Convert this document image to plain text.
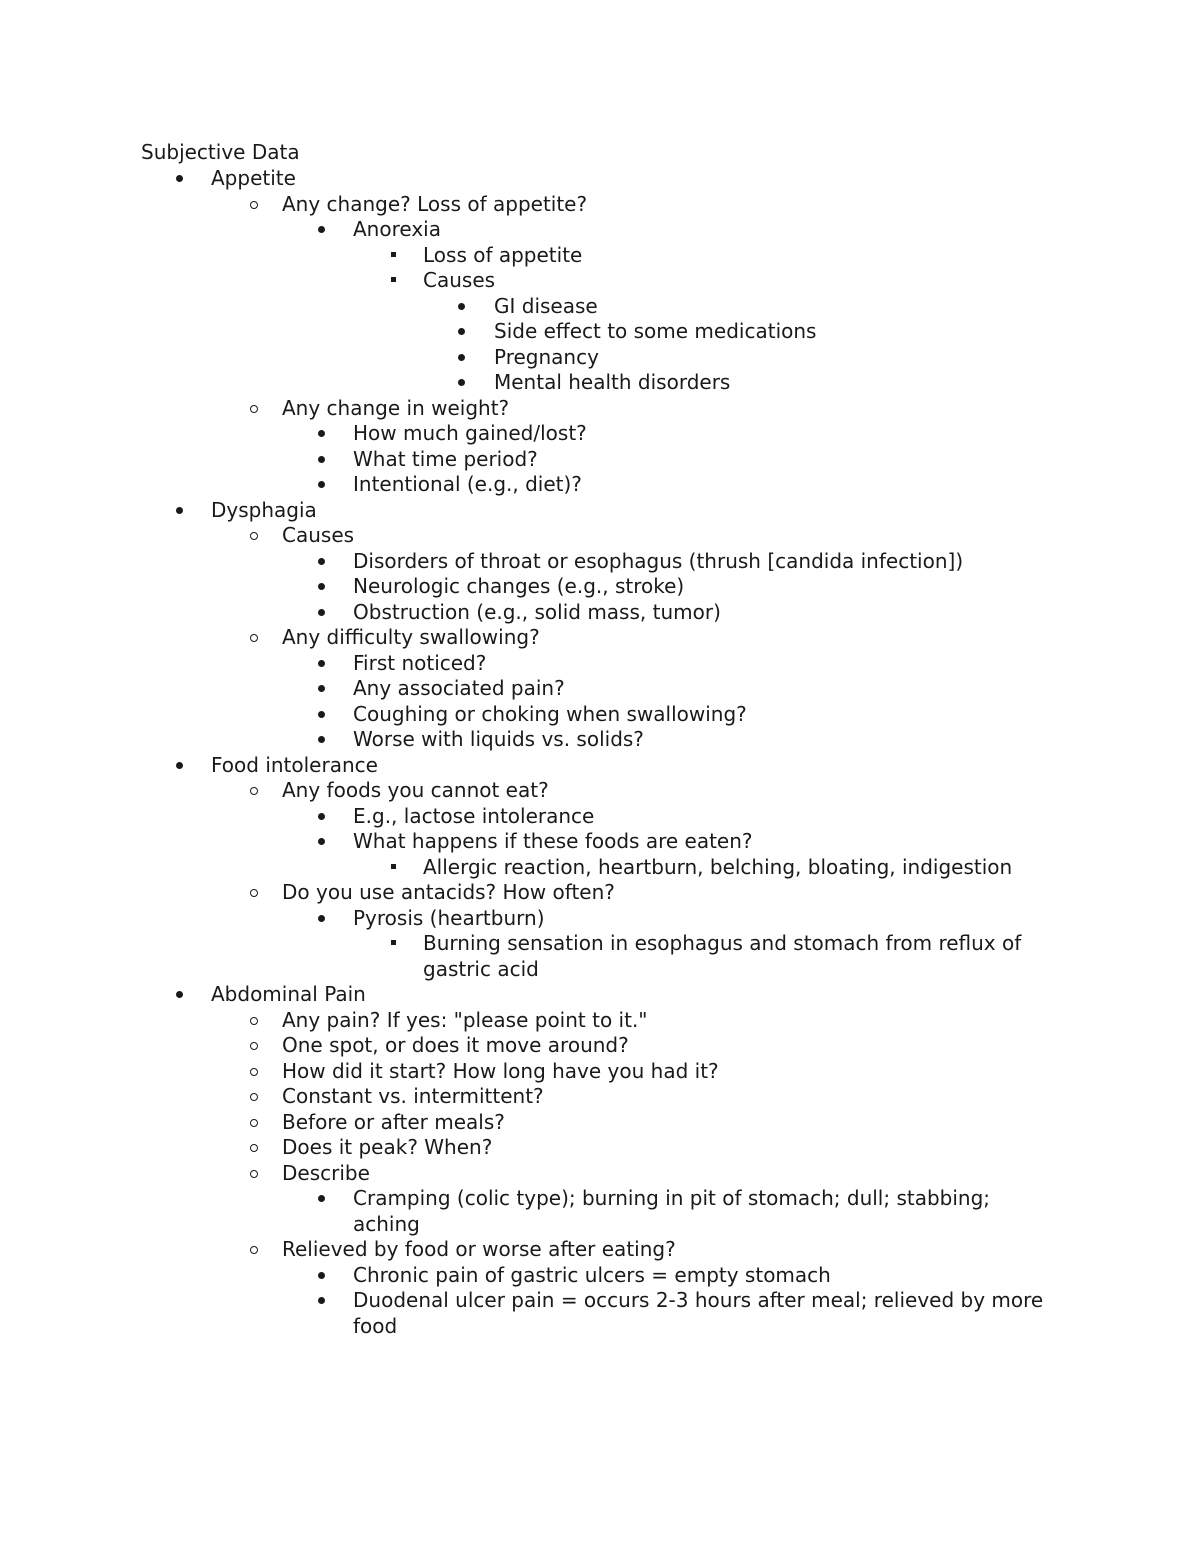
Subjective Data
Appetite
Any change? Loss of appetite?
Anorexia
Loss of appetite
Causes
GI disease
Side effect to some medications
Pregnancy
Mental health disorders
Any change in weight?
How much gained/lost?
What time period?
Intentional (e.g., diet)?
Dysphagia
Causes
Disorders of throat or esophagus (thrush [candida infection])
Neurologic changes (e.g., stroke)
Obstruction (e.g., solid mass, tumor)
Any difficulty swallowing?
First noticed?
Any associated pain?
Coughing or choking when swallowing?
Worse with liquids vs. solids?
Food intolerance
Any foods you cannot eat?
E.g., lactose intolerance
What happens if these foods are eaten?
Allergic reaction, heartburn, belching, bloating, indigestion
Do you use antacids? How often?
Pyrosis (heartburn)
Burning sensation in esophagus and stomach from reflux of gastric acid
Abdominal Pain
Any pain? If yes: "please point to it."
One spot, or does it move around?
How did it start? How long have you had it?
Constant vs. intermittent?
Before or after meals?
Does it peak? When?
Describe
Cramping (colic type); burning in pit of stomach; dull; stabbing; aching
Relieved by food or worse after eating?
Chronic pain of gastric ulcers = empty stomach
Duodenal ulcer pain = occurs 2-3 hours after meal; relieved by more food
